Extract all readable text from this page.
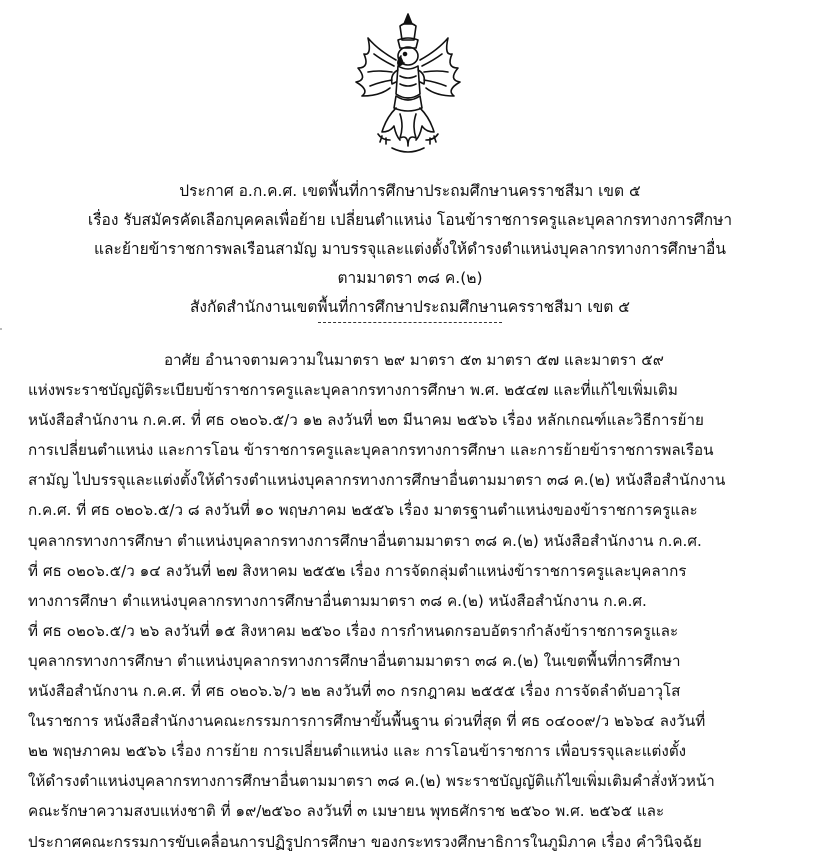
ประกาศ อ.ก.ค.ศ. เขตพื้นที่การศึกษาประถมศึกษานครราชสีมา เขต ๕
เรื่อง รับสมัครคัดเลือกบุคคลเพื่อย้าย เปลี่ยนตำแหน่ง โอนข้าราชการครูและบุคลากรทางการศึกษา
และย้ายข้าราชการพลเรือนสามัญ มาบรรจุและแต่งตั้งให้ดำรงตำแหน่งบุคลากรทางการศึกษาอื่น
ตามมาตรา ๓๘ ค.(๒)
สังกัดสำนักงานเขตพื้นที่การศึกษาประถมศึกษานครราชสีมา เขต ๕
อาศัย อำนาจตามความในมาตรา ๒๙ มาตรา ๕๓ มาตรา ๕๗ และมาตรา ๕๙
แห่งพระราชบัญญัติระเบียบข้าราชการครูและบุคลากรทางการศึกษา พ.ศ. ๒๕๔๗ และที่แก้ไขเพิ่มเติม
หนังสือสำนักงาน ก.ค.ศ. ที่ ศธ ๐๒๐๖.๕/ว ๑๒ ลงวันที่ ๒๓ มีนาคม ๒๕๖๖ เรื่อง หลักเกณฑ์และวิธีการย้าย
การเปลี่ยนตำแหน่ง และการโอน ข้าราชการครูและบุคลากรทางการศึกษา และการย้ายข้าราชการพลเรือน
สามัญ ไปบรรจุและแต่งตั้งให้ดำรงตำแหน่งบุคลากรทางการศึกษาอื่นตามมาตรา ๓๘ ค.(๒) หนังสือสำนักงาน
ก.ค.ศ. ที่ ศธ ๐๒๐๖.๕/ว ๘ ลงวันที่ ๑๐ พฤษภาคม ๒๕๕๖ เรื่อง มาตรฐานตำแหน่งของข้าราชการครูและ
บุคลากรทางการศึกษา ตำแหน่งบุคลากรทางการศึกษาอื่นตามมาตรา ๓๘ ค.(๒) หนังสือสำนักงาน ก.ค.ศ.
ที่ ศธ ๐๒๐๖.๕/ว ๑๔ ลงวันที่ ๒๗ สิงหาคม ๒๕๕๒ เรื่อง การจัดกลุ่มตำแหน่งข้าราชการครูและบุคลากร
ทางการศึกษา ตำแหน่งบุคลากรทางการศึกษาอื่นตามมาตรา ๓๘ ค.(๒) หนังสือสำนักงาน ก.ค.ศ.
ที่ ศธ ๐๒๐๖.๕/ว ๒๖ ลงวันที่ ๑๕ สิงหาคม ๒๕๖๐ เรื่อง การกำหนดกรอบอัตรากำลังข้าราชการครูและ
บุคลากรทางการศึกษา ตำแหน่งบุคลากรทางการศึกษาอื่นตามมาตรา ๓๘ ค.(๒) ในเขตพื้นที่การศึกษา
หนังสือสำนักงาน ก.ค.ศ. ที่ ศธ ๐๒๐๖.๖/ว ๒๒ ลงวันที่ ๓๐ กรกฎาคม ๒๕๕๕ เรื่อง การจัดลำดับอาวุโส
ในราชการ หนังสือสำนักงานคณะกรรมการการศึกษาขั้นพื้นฐาน ด่วนที่สุด ที่ ศธ ๐๔๐๐๙/ว ๒๖๖๔ ลงวันที่
๒๒ พฤษภาคม ๒๕๖๖ เรื่อง การย้าย การเปลี่ยนตำแหน่ง และ การโอนข้าราชการ เพื่อบรรจุและแต่งตั้ง
ให้ดำรงตำแหน่งบุคลากรทางการศึกษาอื่นตามมาตรา ๓๘ ค.(๒) พระราชบัญญัติแก้ไขเพิ่มเติมคำสั่งหัวหน้า
คณะรักษาความสงบแห่งชาติ ที่ ๑๙/๒๕๖๐ ลงวันที่ ๓ เมษายน พุทธศักราช ๒๕๖๐ พ.ศ. ๒๕๖๕ และ
ประกาศคณะกรรมการขับเคลื่อนการปฏิรูปการศึกษา ของกระทรวงศึกษาธิการในภูมิภาค เรื่อง คำวินิจฉัย
